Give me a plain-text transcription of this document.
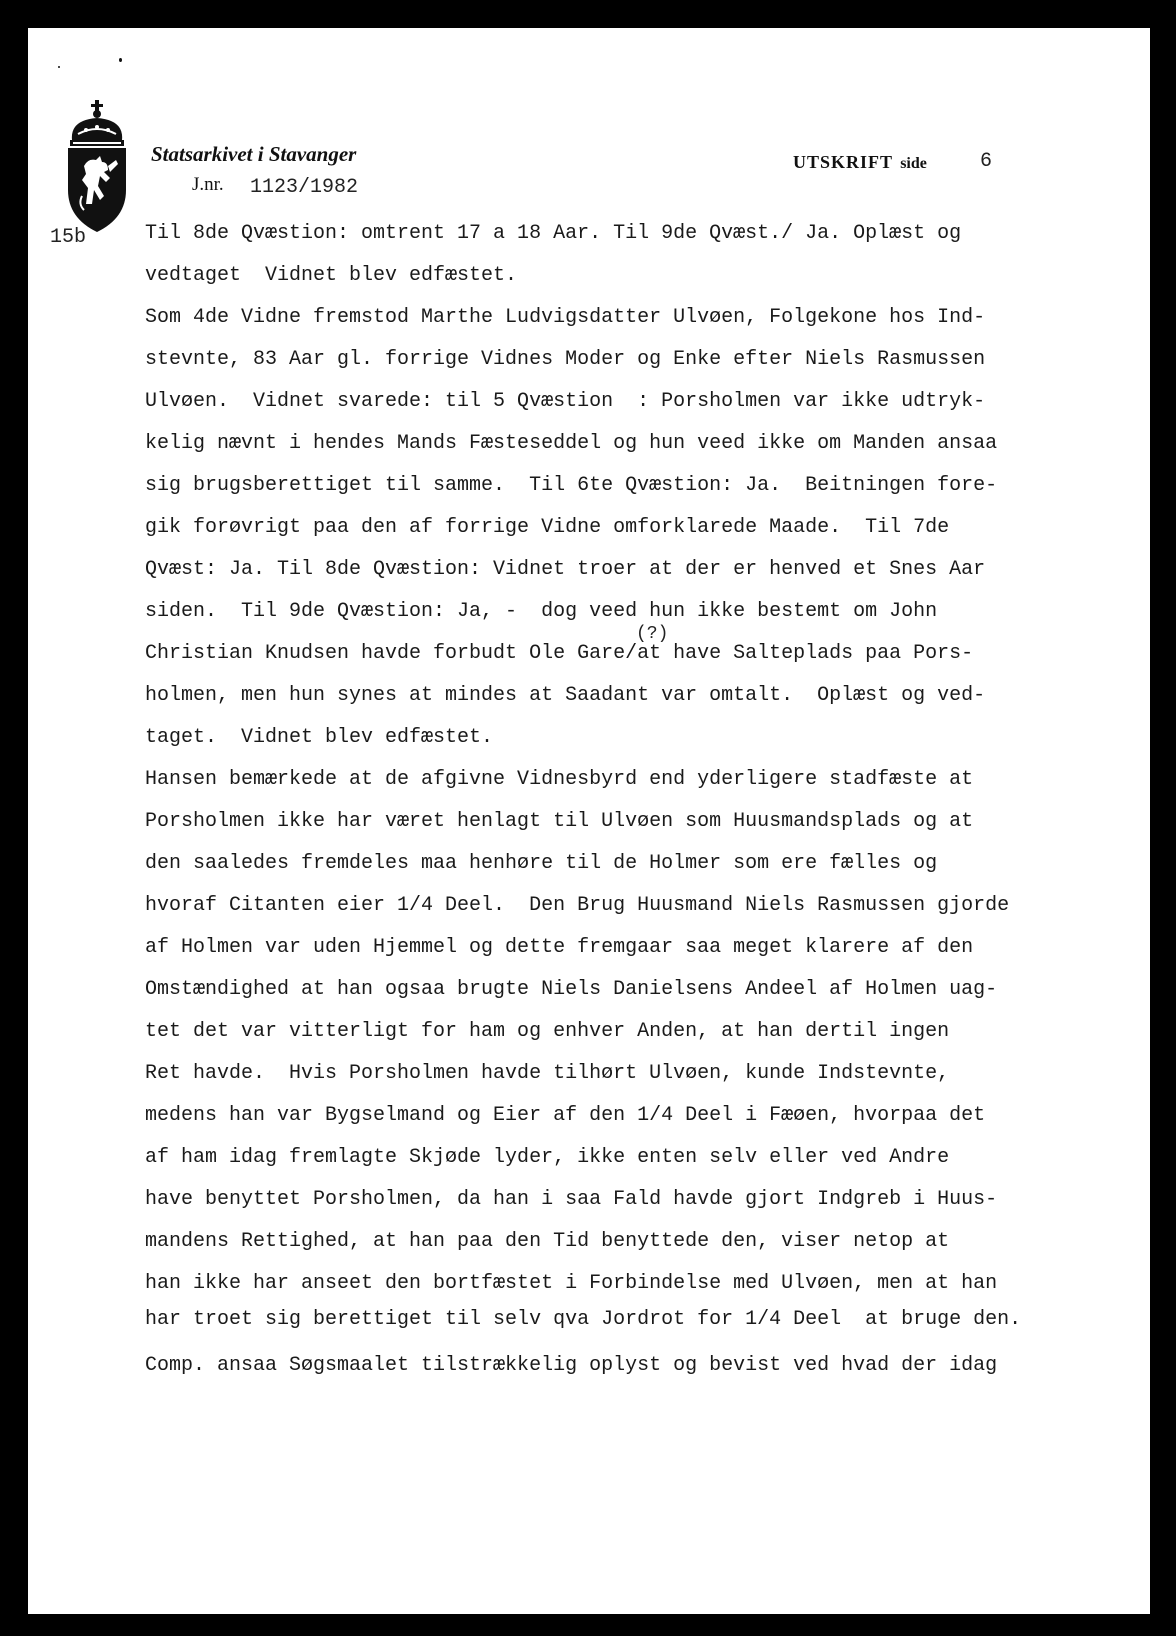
Statsarkivet i Stavanger
J.nr. 1123/1982
UTSKRIFT side	6
15b
(?)
Til 8de Qvæstion: omtrent 17 a 18 Aar. Til 9de Qvæst./ Ja. Oplæst og
vedtaget  Vidnet blev edfæstet.
Som 4de Vidne fremstod Marthe Ludvigsdatter Ulvøen, Folgekone hos Ind-
stevnte, 83 Aar gl. forrige Vidnes Moder og Enke efter Niels Rasmussen
Ulvøen.  Vidnet svarede: til 5 Qvæstion  : Porsholmen var ikke udtryk-
kelig nævnt i hendes Mands Fæsteseddel og hun veed ikke om Manden ansaa
sig brugsberettiget til samme.  Til 6te Qvæstion: Ja.  Beitningen fore-
gik forøvrigt paa den af forrige Vidne omforklarede Maade.  Til 7de
Qvæst: Ja. Til 8de Qvæstion: Vidnet troer at der er henved et Snes Aar
siden.  Til 9de Qvæstion: Ja, -  dog veed hun ikke bestemt om John
Christian Knudsen havde forbudt Ole Gare/at have Salteplads paa Pors-
holmen, men hun synes at mindes at Saadant var omtalt.  Oplæst og ved-
taget.  Vidnet blev edfæstet.
Hansen bemærkede at de afgivne Vidnesbyrd end yderligere stadfæste at
Porsholmen ikke har været henlagt til Ulvøen som Huusmandsplads og at
den saaledes fremdeles maa henhøre til de Holmer som ere fælles og
hvoraf Citanten eier 1/4 Deel.  Den Brug Huusmand Niels Rasmussen gjorde
af Holmen var uden Hjemmel og dette fremgaar saa meget klarere af den
Omstændighed at han ogsaa brugte Niels Danielsens Andeel af Holmen uag-
tet det var vitterligt for ham og enhver Anden, at han dertil ingen
Ret havde.  Hvis Porsholmen havde tilhørt Ulvøen, kunde Indstevnte,
medens han var Bygselmand og Eier af den 1/4 Deel i Fæøen, hvorpaa det
af ham idag fremlagte Skjøde lyder, ikke enten selv eller ved Andre
have benyttet Porsholmen, da han i saa Fald havde gjort Indgreb i Huus-
mandens Rettighed, at han paa den Tid benyttede den, viser netop at
han ikke har anseet den bortfæstet i Forbindelse med Ulvøen, men at han
har troet sig berettiget til selv qva Jordrot for 1/4 Deel  at bruge den.
Comp. ansaa Søgsmaalet tilstrækkelig oplyst og bevist ved hvad der idag
